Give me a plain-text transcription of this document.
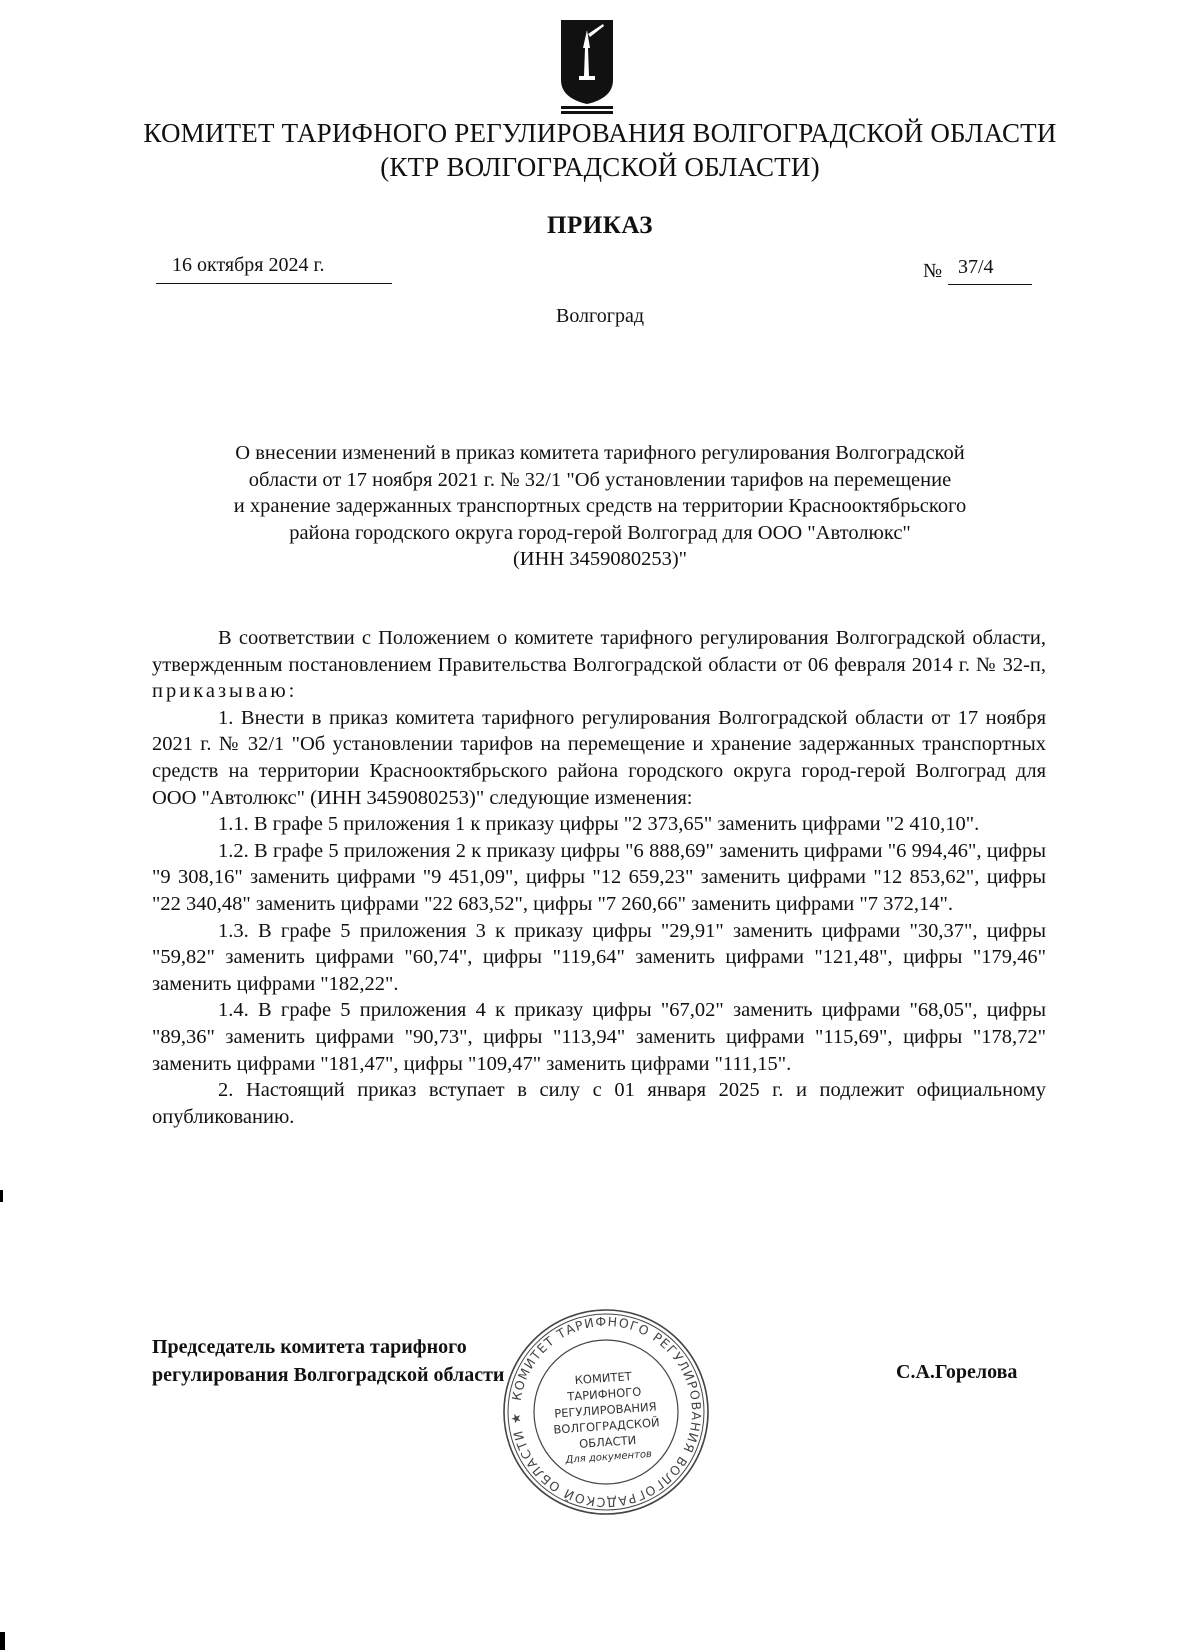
КОМИТЕТ ТАРИФНОГО РЕГУЛИРОВАНИЯ ВОЛГОГРАДСКОЙ ОБЛАСТИ
(КТР ВОЛГОГРАДСКОЙ ОБЛАСТИ)
ПРИКАЗ
16 октября 2024 г.	№ 37/4
Волгоград
О внесении изменений в приказ комитета тарифного регулирования Волгоградской
области от 17 ноября 2021 г. № 32/1 "Об установлении тарифов на перемещение
и хранение задержанных транспортных средств на территории Краснооктябрьского
района городского округа город-герой Волгоград для ООО "Автолюкс"
(ИНН 3459080253)"

В соответствии с Положением о комитете тарифного регулирования Волгоградской области, утвержденным постановлением Правительства Волгоградской области от 06 февраля 2014 г. № 32-п, приказываю:

1. Внести в приказ комитета тарифного регулирования Волгоградской области от 17 ноября 2021 г. № 32/1 "Об установлении тарифов на перемещение и хранение задержанных транспортных средств на территории Краснооктябрьского района городского округа город-герой Волгоград для ООО "Автолюкс" (ИНН 3459080253)" следующие изменения:

1.1. В графе 5 приложения 1 к приказу цифры "2 373,65" заменить цифрами "2 410,10".

1.2. В графе 5 приложения 2 к приказу цифры "6 888,69" заменить цифрами "6 994,46", цифры "9 308,16" заменить цифрами "9 451,09", цифры "12 659,23" заменить цифрами "12 853,62", цифры "22 340,48" заменить цифрами "22 683,52", цифры "7 260,66" заменить цифрами "7 372,14".

1.3. В графе 5 приложения 3 к приказу цифры "29,91" заменить цифрами "30,37", цифры "59,82" заменить цифрами "60,74", цифры "119,64" заменить цифрами "121,48", цифры "179,46" заменить цифрами "182,22".

1.4. В графе 5 приложения 4 к приказу цифры "67,02" заменить цифрами "68,05", цифры "89,36" заменить цифрами "90,73", цифры "113,94" заменить цифрами "115,69", цифры "178,72" заменить цифрами "181,47", цифры "109,47" заменить цифрами "111,15".

2. Настоящий приказ вступает в силу с 01 января 2025 г. и подлежит официальному опубликованию.

Председатель комитета тарифного
регулирования Волгоградской области	С.А.Горелова
КОМИТЕТ ТАРИФНОГО РЕГУЛИРОВАНИЯ ВОЛГОГРАДСКОЙ ОБЛАСТИ ★
КОМИТЕТ
ТАРИФНОГО
РЕГУЛИРОВАНИЯ
ВОЛГОГРАДСКОЙ
ОБЛАСТИ
Для документов
